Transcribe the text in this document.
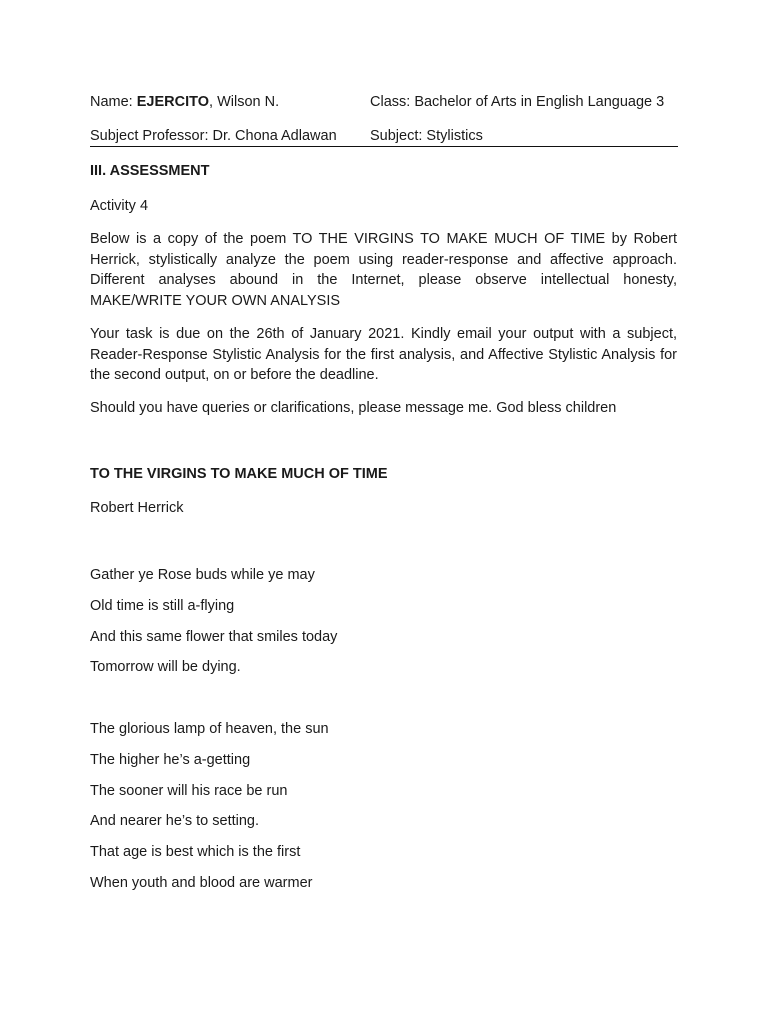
Name: EJERCITO, Wilson N.	Class: Bachelor of Arts in English Language 3
Subject Professor: Dr. Chona Adlawan Subject: Stylistics
III. ASSESSMENT
Activity 4
Below is a copy of the poem TO THE VIRGINS TO MAKE MUCH OF TIME by Robert Herrick, stylistically analyze the poem using reader-response and affective approach. Different analyses abound in the Internet, please observe intellectual honesty, MAKE/WRITE YOUR OWN ANALYSIS
Your task is due on the 26th of January 2021. Kindly email your output with a subject, Reader-Response Stylistic Analysis for the first analysis, and Affective Stylistic Analysis for the second output, on or before the deadline.
Should you have queries or clarifications, please message me. God bless children
TO THE VIRGINS TO MAKE MUCH OF TIME
Robert Herrick
Gather ye Rose buds while ye may
Old time is still a-flying
And this same flower that smiles today
Tomorrow will be dying.
The glorious lamp of heaven, the sun
The higher he’s a-getting
The sooner will his race be run
And nearer he’s to setting.
That age is best which is the first
When youth and blood are warmer
